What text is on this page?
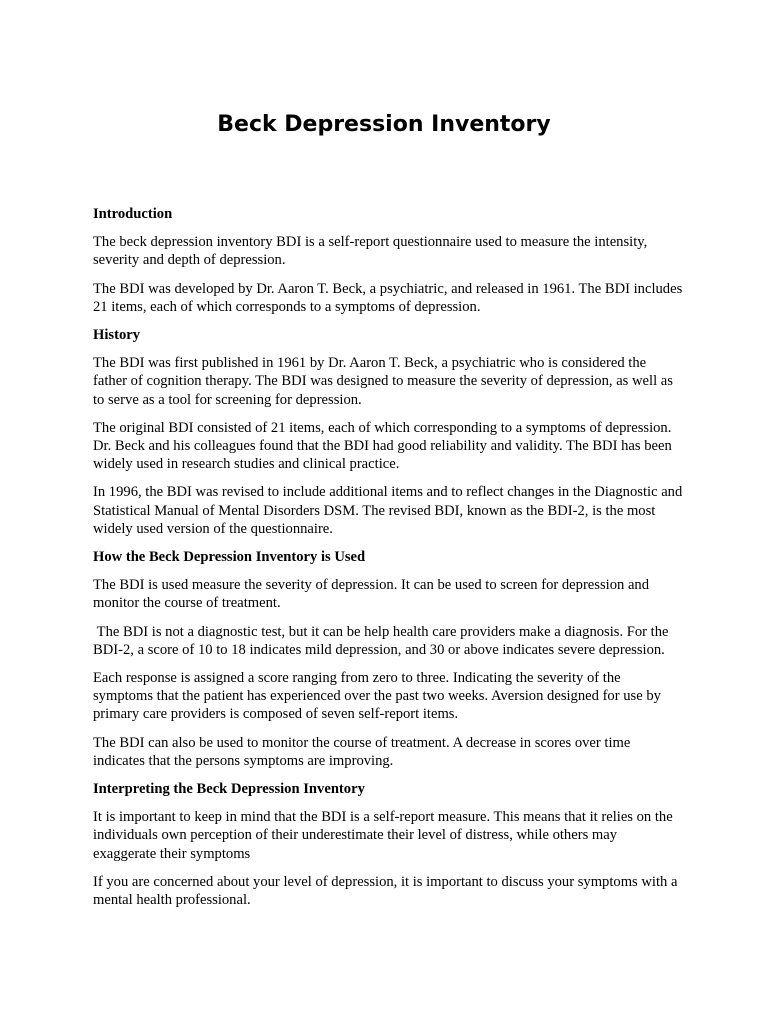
Beck Depression Inventory
Introduction

The beck depression inventory BDI is a self-report questionnaire used to measure the intensity, severity and depth of depression.

The BDI was developed by Dr. Aaron T. Beck, a psychiatric, and released in 1961. The BDI includes 21 items, each of which corresponds to a symptoms of depression.

History

The BDI was first published in 1961 by Dr. Aaron T. Beck, a psychiatric who is considered the father of cognition therapy. The BDI was designed to measure the severity of depression, as well as to serve as a tool for screening for depression.

The original BDI consisted of 21 items, each of which corresponding to a symptoms of depression. Dr. Beck and his colleagues found that the BDI had good reliability and validity. The BDI has been widely used in research studies and clinical practice.

In 1996, the BDI was revised to include additional items and to reflect changes in the Diagnostic and Statistical Manual of Mental Disorders DSM. The revised BDI, known as the BDI-2, is the most widely used version of the questionnaire.

How the Beck Depression Inventory is Used

The BDI is used measure the severity of depression. It can be used to screen for depression and monitor the course of treatment.

The BDI is not a diagnostic test, but it can be help health care providers make a diagnosis. For the BDI-2, a score of 10 to 18 indicates mild depression, and 30 or above indicates severe depression.

Each response is assigned a score ranging from zero to three. Indicating the severity of the symptoms that the patient has experienced over the past two weeks. Aversion designed for use by primary care providers is composed of seven self-report items.

The BDI can also be used to monitor the course of treatment. A decrease in scores over time indicates that the persons symptoms are improving.

Interpreting the Beck Depression Inventory

It is important to keep in mind that the BDI is a self-report measure. This means that it relies on the individuals own perception of their underestimate their level of distress, while others may exaggerate their symptoms

If you are concerned about your level of depression, it is important to discuss your symptoms with a mental health professional.
